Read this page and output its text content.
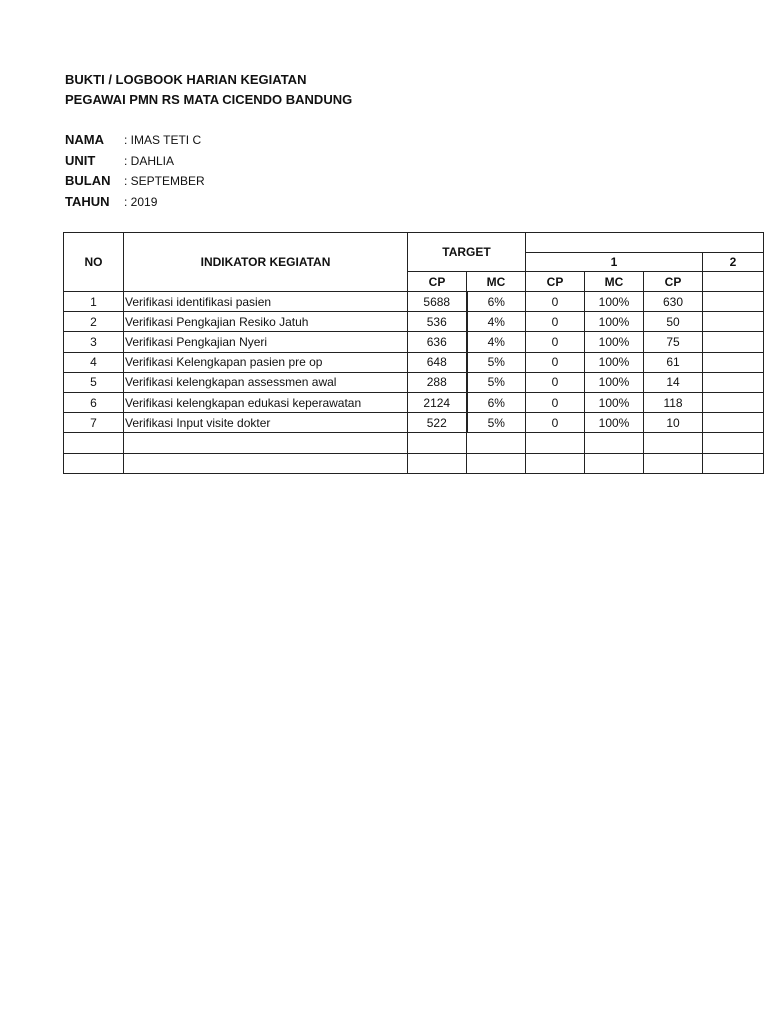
BUKTI / LOGBOOK HARIAN KEGIATAN
PEGAWAI PMN RS MATA CICENDO BANDUNG
NAMA	: IMAS TETI C
UNIT	: DAHLIA
BULAN	: SEPTEMBER
TAHUN	: 2019
NO	INDIKATOR KEGIATAN	TARGET					
				1			2
		CP	MC	CP	MC	CP	
1	Verifikasi identifikasi pasien	5688	6%	0	100%	630	
2	Verifikasi Pengkajian Resiko Jatuh	536	4%	0	100%	50	
3	Verifikasi Pengkajian Nyeri	636	4%	0	100%	75	
4	Verifikasi Kelengkapan pasien pre op	648	5%	0	100%	61	
5	Verifikasi kelengkapan assessmen awal	288	5%	0	100%	14	
6	Verifikasi kelengkapan edukasi keperawatan	2124	6%	0	100%	118	
7	Verifikasi Input visite dokter	522	5%	0	100%	10	
